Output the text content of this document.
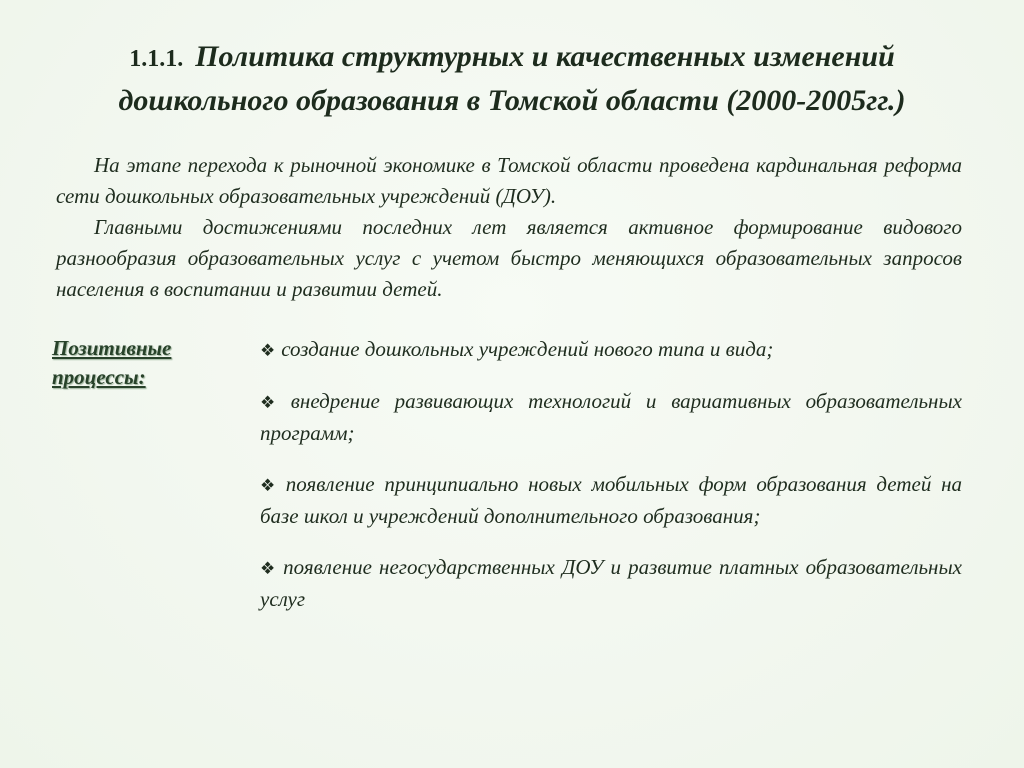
1.1.1. Политика структурных и качественных изменений
дошкольного образования в Томской области (2000-2005гг.)

На этапе перехода к рыночной экономике в Томской области проведена кардинальная реформа сети дошкольных образовательных учреждений (ДОУ).

Главными достижениями последних лет является активное формирование видового разнообразия образовательных услуг с учетом быстро меняющихся образовательных запросов населения в воспитании и развитии детей.

Позитивные
процессы:
❖ создание дошкольных учреждений нового типа и вида;
❖ внедрение развивающих технологий и вариативных образовательных программ;
❖ появление принципиально новых мобильных форм образования детей на базе школ и учреждений дополнительного образования;
❖ появление негосударственных ДОУ и развитие платных образовательных услуг
